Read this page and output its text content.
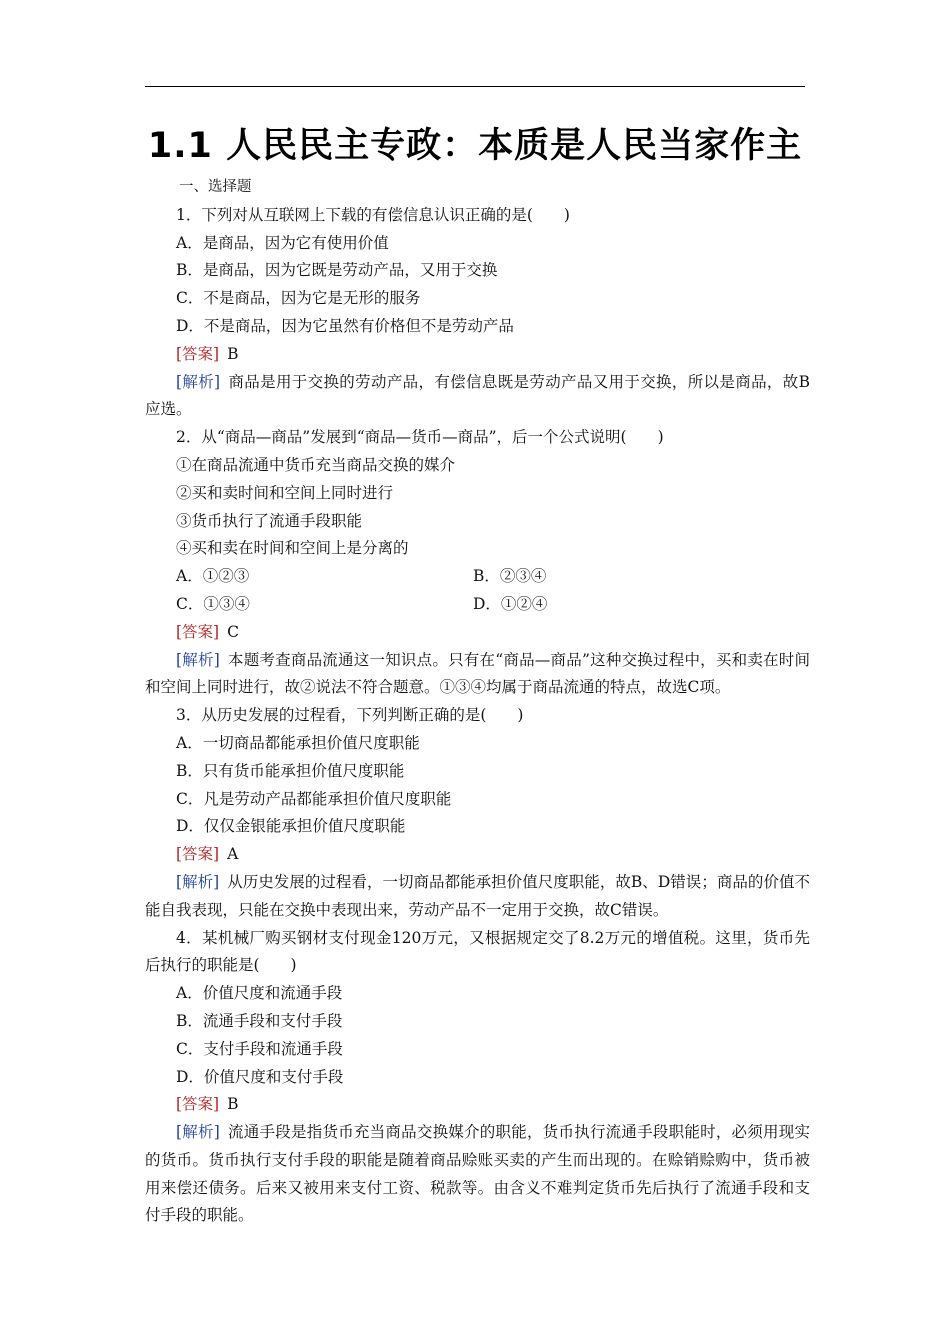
1.1 人民民主专政：本质是人民当家作主
一、选择题
1．下列对从互联网上下载的有偿信息认识正确的是(　　)
A．是商品，因为它有使用价值
B．是商品，因为它既是劳动产品，又用于交换
C．不是商品，因为它是无形的服务
D．不是商品，因为它虽然有价格但不是劳动产品
[答案] B
[解析] 商品是用于交换的劳动产品，有偿信息既是劳动产品又用于交换，所以是商品，故B应选。
2．从“商品—商品”发展到“商品—货币—商品”，后一个公式说明(　　)
①在商品流通中货币充当商品交换的媒介
②买和卖时间和空间上同时进行
③货币执行了流通手段职能
④买和卖在时间和空间上是分离的
A．①②③	B．②③④
C．①③④	D．①②④
[答案] C
[解析] 本题考查商品流通这一知识点。只有在“商品—商品”这种交换过程中，买和卖在时间和空间上同时进行，故②说法不符合题意。①③④均属于商品流通的特点，故选C项。
3．从历史发展的过程看，下列判断正确的是(　　)
A．一切商品都能承担价值尺度职能
B．只有货币能承担价值尺度职能
C．凡是劳动产品都能承担价值尺度职能
D．仅仅金银能承担价值尺度职能
[答案] A
[解析] 从历史发展的过程看，一切商品都能承担价值尺度职能，故B、D错误；商品的价值不能自我表现，只能在交换中表现出来，劳动产品不一定用于交换，故C错误。
4．某机械厂购买钢材支付现金120万元，又根据规定交了8.2万元的增值税。这里，货币先后执行的职能是(　　)
A．价值尺度和流通手段
B．流通手段和支付手段
C．支付手段和流通手段
D．价值尺度和支付手段
[答案] B
[解析] 流通手段是指货币充当商品交换媒介的职能，货币执行流通手段职能时，必须用现实的货币。货币执行支付手段的职能是随着商品赊账买卖的产生而出现的。在赊销赊购中，货币被用来偿还债务。后来又被用来支付工资、税款等。由含义不难判定货币先后执行了流通手段和支付手段的职能。
